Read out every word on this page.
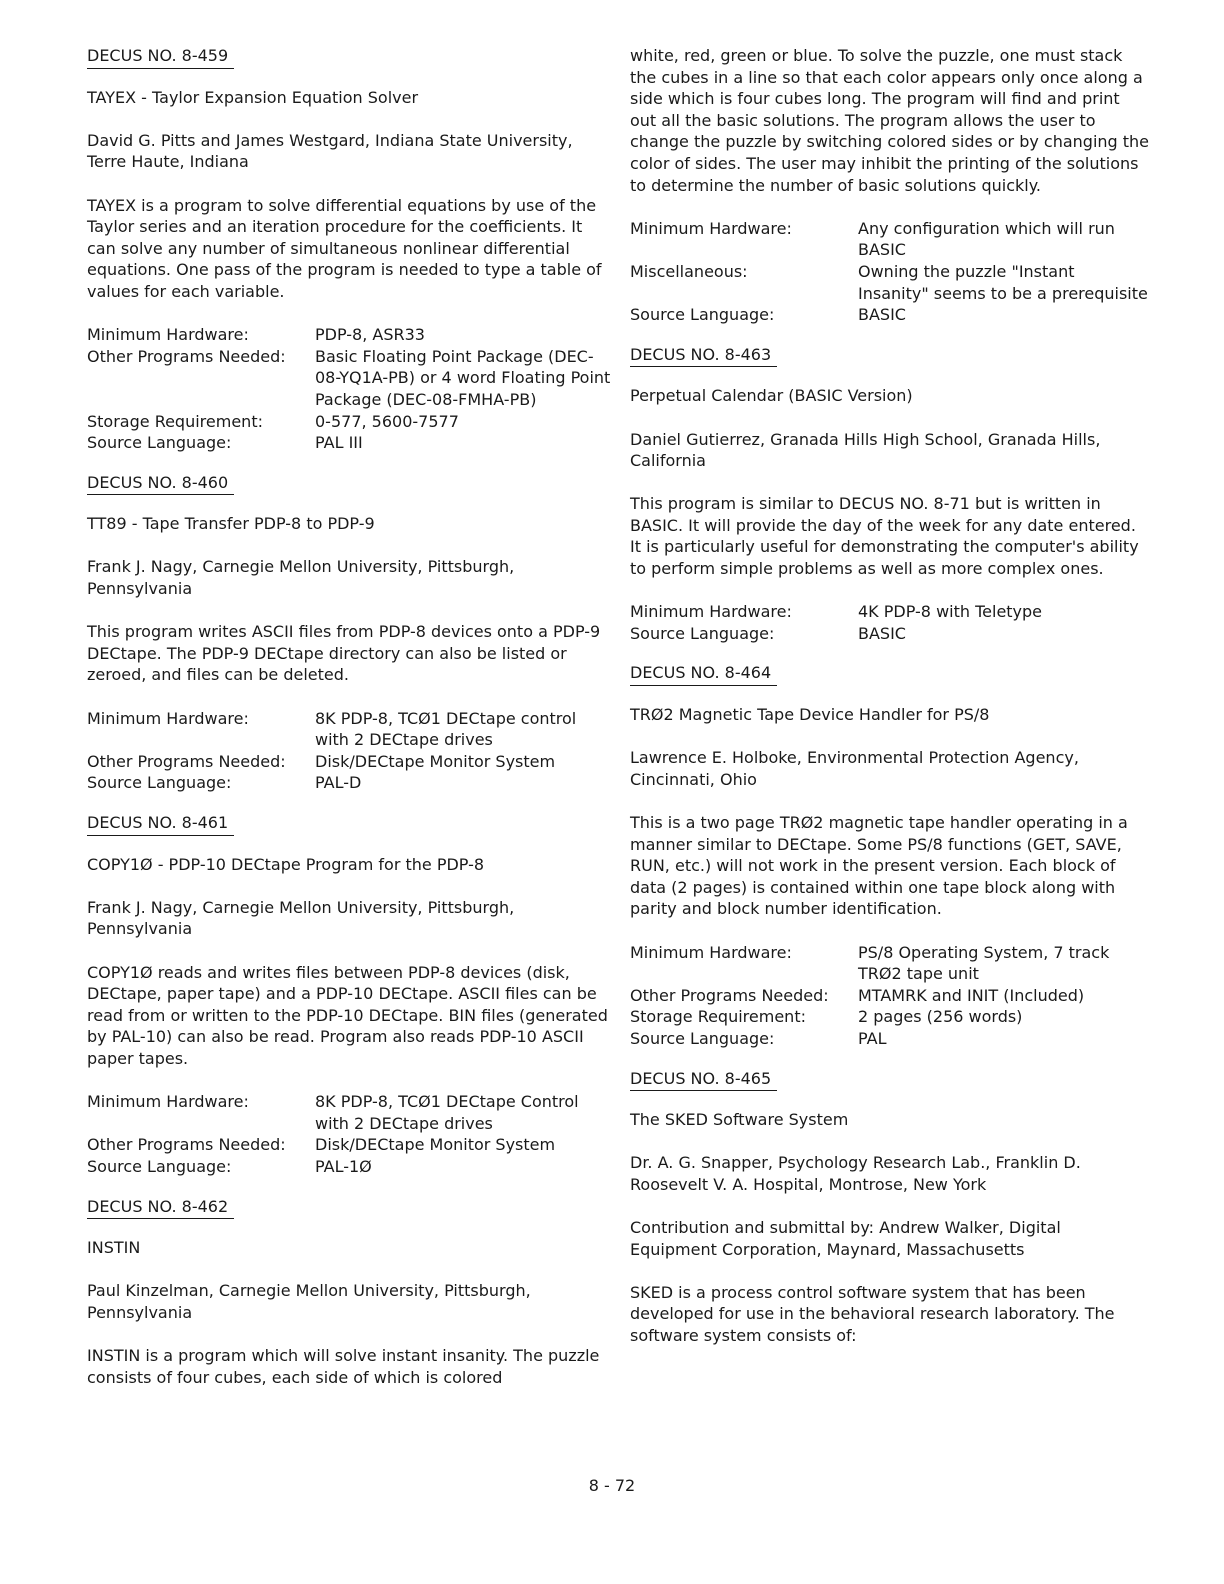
DECUS NO. 8-459

TAYEX - Taylor Expansion Equation Solver

David G. Pitts and James Westgard, Indiana State University, Terre Haute, Indiana

TAYEX is a program to solve differential equations by use of the Taylor series and an iteration procedure for the coefficients. It can solve any number of simultaneous nonlinear differential equations. One pass of the program is needed to type a table of values for each variable.

Minimum Hardware:	PDP-8, ASR33
Other Programs Needed:	Basic Floating Point Package (DEC-08-YQ1A-PB) or 4 word Floating Point Package (DEC-08-FMHA-PB)
Storage Requirement:	0-577, 5600-7577
Source Language:	PAL III
DECUS NO. 8-460

TT89 - Tape Transfer PDP-8 to PDP-9

Frank J. Nagy, Carnegie Mellon University, Pittsburgh, Pennsylvania

This program writes ASCII files from PDP-8 devices onto a PDP-9 DECtape. The PDP-9 DECtape directory can also be listed or zeroed, and files can be deleted.

Minimum Hardware:	8K PDP-8, TCØ1 DECtape control with 2 DECtape drives
Other Programs Needed:	Disk/DECtape Monitor System
Source Language:	PAL-D
DECUS NO. 8-461

COPY1Ø - PDP-10 DECtape Program for the PDP-8

Frank J. Nagy, Carnegie Mellon University, Pittsburgh, Pennsylvania

COPY1Ø reads and writes files between PDP-8 devices (disk, DECtape, paper tape) and a PDP-10 DECtape. ASCII files can be read from or written to the PDP-10 DECtape. BIN files (generated by PAL-10) can also be read. Program also reads PDP-10 ASCII paper tapes.

Minimum Hardware:	8K PDP-8, TCØ1 DECtape Control with 2 DECtape drives
Other Programs Needed:	Disk/DECtape Monitor System
Source Language:	PAL-1Ø
DECUS NO. 8-462

INSTIN

Paul Kinzelman, Carnegie Mellon University, Pittsburgh, Pennsylvania

INSTIN is a program which will solve instant insanity. The puzzle consists of four cubes, each side of which is colored

white, red, green or blue. To solve the puzzle, one must stack the cubes in a line so that each color appears only once along a side which is four cubes long. The program will find and print out all the basic solutions. The program allows the user to change the puzzle by switching colored sides or by changing the color of sides. The user may inhibit the printing of the solutions to determine the number of basic solutions quickly.

Minimum Hardware:	Any configuration which will run BASIC
Miscellaneous:	Owning the puzzle "Instant Insanity" seems to be a prerequisite
Source Language:	BASIC
DECUS NO. 8-463

Perpetual Calendar (BASIC Version)

Daniel Gutierrez, Granada Hills High School, Granada Hills, California

This program is similar to DECUS NO. 8-71 but is written in BASIC. It will provide the day of the week for any date entered. It is particularly useful for demonstrating the computer's ability to perform simple problems as well as more complex ones.

Minimum Hardware:	4K PDP-8 with Teletype
Source Language:	BASIC
DECUS NO. 8-464

TRØ2 Magnetic Tape Device Handler for PS/8

Lawrence E. Holboke, Environmental Protection Agency, Cincinnati, Ohio

This is a two page TRØ2 magnetic tape handler operating in a manner similar to DECtape. Some PS/8 functions (GET, SAVE, RUN, etc.) will not work in the present version. Each block of data (2 pages) is contained within one tape block along with parity and block number identification.

Minimum Hardware:	PS/8 Operating System, 7 track TRØ2 tape unit
Other Programs Needed:	MTAMRK and INIT (Included)
Storage Requirement:	2 pages (256 words)
Source Language:	PAL
DECUS NO. 8-465

The SKED Software System

Dr. A. G. Snapper, Psychology Research Lab., Franklin D. Roosevelt V. A. Hospital, Montrose, New York

Contribution and submittal by: Andrew Walker, Digital Equipment Corporation, Maynard, Massachusetts

SKED is a process control software system that has been developed for use in the behavioral research laboratory. The software system consists of:

8 - 72
